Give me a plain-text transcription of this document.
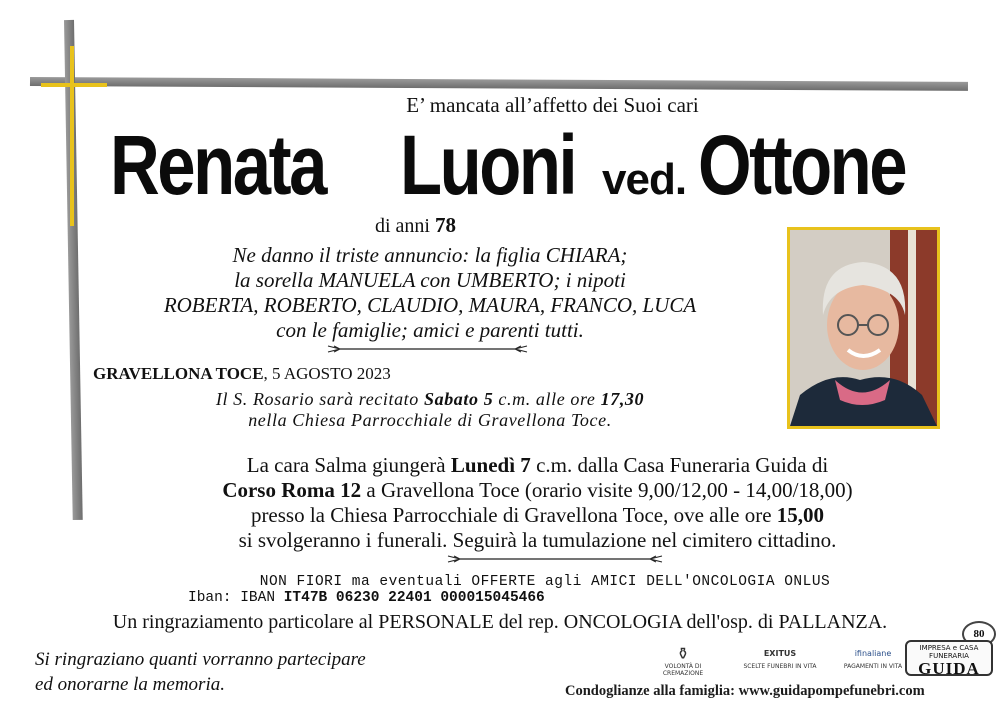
E’ mancata all’affetto dei Suoi cari
Renata Luoni ved. Ottone
di anni 78
Ne danno il triste annuncio: la figlia CHIARA;
la sorella MANUELA con UMBERTO; i nipoti
ROBERTA, ROBERTO, CLAUDIO, MAURA, FRANCO, LUCA
con le famiglie; amici e parenti tutti.
GRAVELLONA TOCE, 5 AGOSTO 2023
Il S. Rosario sarà recitato Sabato 5 c.m. alle ore 17,30
nella Chiesa Parrocchiale di Gravellona Toce.
La cara Salma giungerà Lunedì 7 c.m. dalla Casa Funeraria Guida di
Corso Roma 12 a Gravellona Toce (orario visite 9,00/12,00 - 14,00/18,00)
presso la Chiesa Parrocchiale di Gravellona Toce, ove alle ore 15,00
si svolgeranno i funerali. Seguirà la tumulazione nel cimitero cittadino.
NON FIORI ma eventuali OFFERTE agli AMICI DELL'ONCOLOGIA ONLUS
Iban: IBAN IT47B 06230 22401 000015045466
Un ringraziamento particolare al PERSONALE del rep. ONCOLOGIA dell'osp. di PALLANZA.
Si ringraziano quanti vorranno partecipare
ed onorarne la memoria.
⚱
VOLONTÀ DI CREMAZIONE
EXITUS
SCELTE FUNEBRI IN VITA
ifinaliane
PAGAMENTI IN VITA
80
IMPRESA e CASA FUNERARIA
GUIDA
Condoglianze alla famiglia: www.guidapompefunebri.com
